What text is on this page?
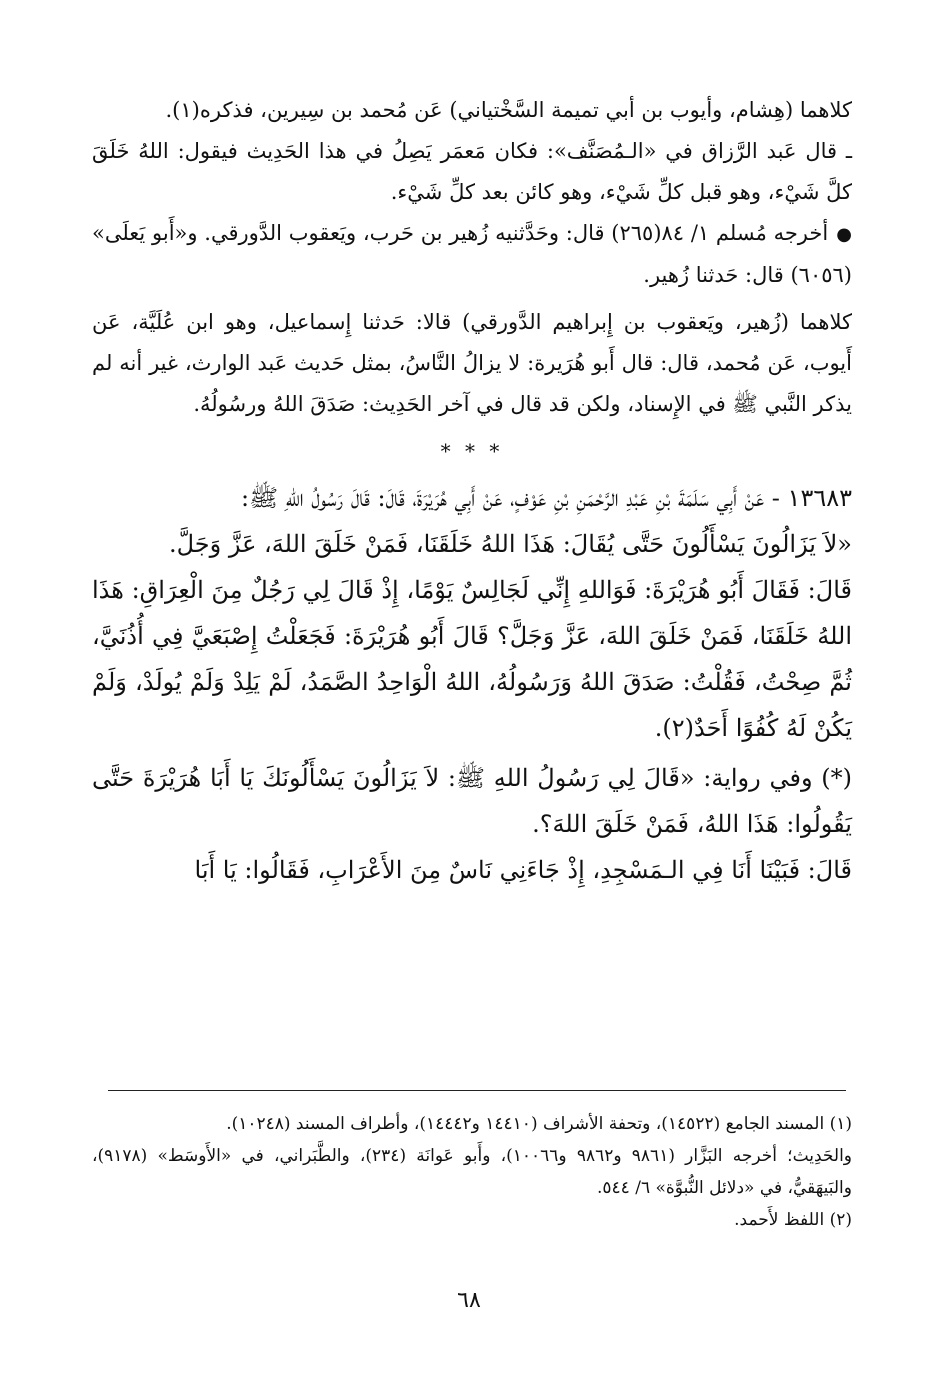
كلاهما (هِشام، وأيوب بن أبي تميمة السَّخْتياني) عَن مُحمد بن سِيرين، فذكره(١).

ـ قال عَبد الرَّزاق في «الـمُصَنَّف»: فكان مَعمَر يَصِلُ في هذا الحَدِيث فيقول: اللهُ خَلَقَ كلَّ شَيْء، وهو قبل كلِّ شَيْء، وهو كائن بعد كلِّ شَيْء.

●أخرجه مُسلم ١/ ٨٤(٢٦٥) قال: وحَدَّثنيه زُهير بن حَرب، ويَعقوب الدَّورقي. و«أَبو يَعلَى» (٦٠٥٦) قال: حَدثنا زُهير.

كلاهما (زُهير، ويَعقوب بن إِبراهيم الدَّورقي) قالا: حَدثنا إِسماعيل، وهو ابن عُلَيَّة، عَن أَيوب، عَن مُحمد، قال: قال أَبو هُرَيرة: لا يزالُ النَّاسُ، بمثل حَديث عَبد الوارث، غير أنه لم يذكر النَّبي ﷺ في الإِسناد، ولكن قد قال في آخر الحَدِيث: صَدَقَ اللهُ ورسُولُهُ.

* * *

١٣٦٨٣ - عَنْ أَبِي سَلَمَةَ بْنِ عَبْدِ الرَّحْمَنِ بْنِ عَوْفٍ، عَنْ أَبِي هُرَيْرَةَ، قَالَ: قَالَ رَسُولُ اللهِ ﷺ:

«لاَ يَزَالُونَ يَسْأَلُونَ حَتَّى يُقَالَ: هَذَا اللهُ خَلَقَنَا، فَمَنْ خَلَقَ اللهَ، عَزَّ وَجَلَّ.

قَالَ: فَقَالَ أَبُو هُرَيْرَةَ: فَوَاللهِ إِنِّي لَجَالِسٌ يَوْمًا، إِذْ قَالَ لِي رَجُلٌ مِنَ الْعِرَاقِ: هَذَا اللهُ خَلَقَنَا، فَمَنْ خَلَقَ اللهَ، عَزَّ وَجَلَّ؟ قَالَ أَبُو هُرَيْرَةَ: فَجَعَلْتُ إِصْبَعَيَّ فِي أُذُنَيَّ، ثُمَّ صِحْتُ، فَقُلْتُ: صَدَقَ اللهُ وَرَسُولُهُ، اللهُ الْوَاحِدُ الصَّمَدُ، لَمْ يَلِدْ وَلَمْ يُولَدْ، وَلَمْ يَكُنْ لَهُ كُفُوًا أَحَدٌ(٢).

(*) وفي رواية: «قَالَ لِي رَسُولُ اللهِ ﷺ: لاَ يَزَالُونَ يَسْأَلُونَكَ يَا أَبَا هُرَيْرَةَ حَتَّى يَقُولُوا: هَذَا اللهُ، فَمَنْ خَلَقَ اللهَ؟.

قَالَ: فَبَيْنَا أَنَا فِي الـمَسْجِدِ، إِذْ جَاءَنِي نَاسٌ مِنَ الأَعْرَابِ، فَقَالُوا: يَا أَبَا

(١) المسند الجامع (١٤٥٢٢)، وتحفة الأشراف (١٤٤١٠ و١٤٤٤٢)، وأطراف المسند (١٠٢٤٨).

والحَدِيث؛ أخرجه البَزَّار (٩٨٦١ و٩٨٦٢ و١٠٠٦٦)، وأَبو عَوانَة (٢٣٤)، والطَّبَراني، في «الأَوسَط» (٩١٧٨)، والبَيهَقيُّ، في «دلائل النُّبوَّة» ٦/ ٥٤٤.

(٢) اللفظ لأَحمد.

٦٨
